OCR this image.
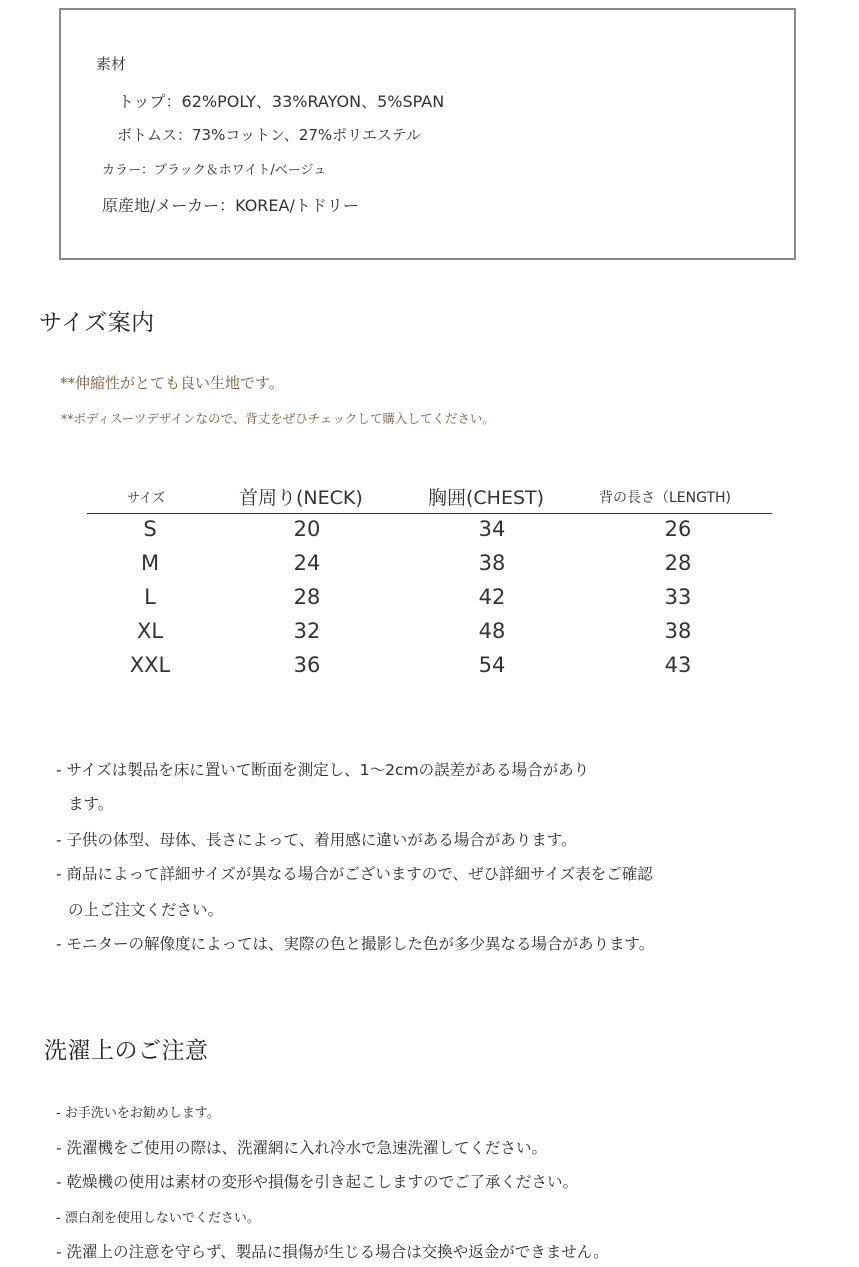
素材
トップ：62%POLY、33%RAYON、5%SPAN
ボトムス：73%コットン、27%ポリエステル
カラー：ブラック＆ホワイト/ベージュ
原産地/メーカー：KOREA/トドリー
サイズ案内
**伸縮性がとても良い生地です。
**ボディスーツデザインなので、背丈をぜひチェックして購入してください。
サイズ	首周り(NECK)	胸囲(CHEST)	背の長さ（LENGTH)
S	20	34	26
M	24	38	28
L	28	42	33
XL	32	48	38
XXL	36	54	43
- サイズは製品を床に置いて断面を測定し、1〜2cmの誤差がある場合があり
ます。
- 子供の体型、母体、長さによって、着用感に違いがある場合があります。
- 商品によって詳細サイズが異なる場合がございますので、ぜひ詳細サイズ表をご確認
の上ご注文ください。
- モニターの解像度によっては、実際の色と撮影した色が多少異なる場合があります。
洗濯上のご注意
- お手洗いをお勧めします。
- 洗濯機をご使用の際は、洗濯網に入れ冷水で急速洗濯してください。
- 乾燥機の使用は素材の変形や損傷を引き起こしますのでご了承ください。
- 漂白剤を使用しないでください。
- 洗濯上の注意を守らず、製品に損傷が生じる場合は交換や返金ができません。
